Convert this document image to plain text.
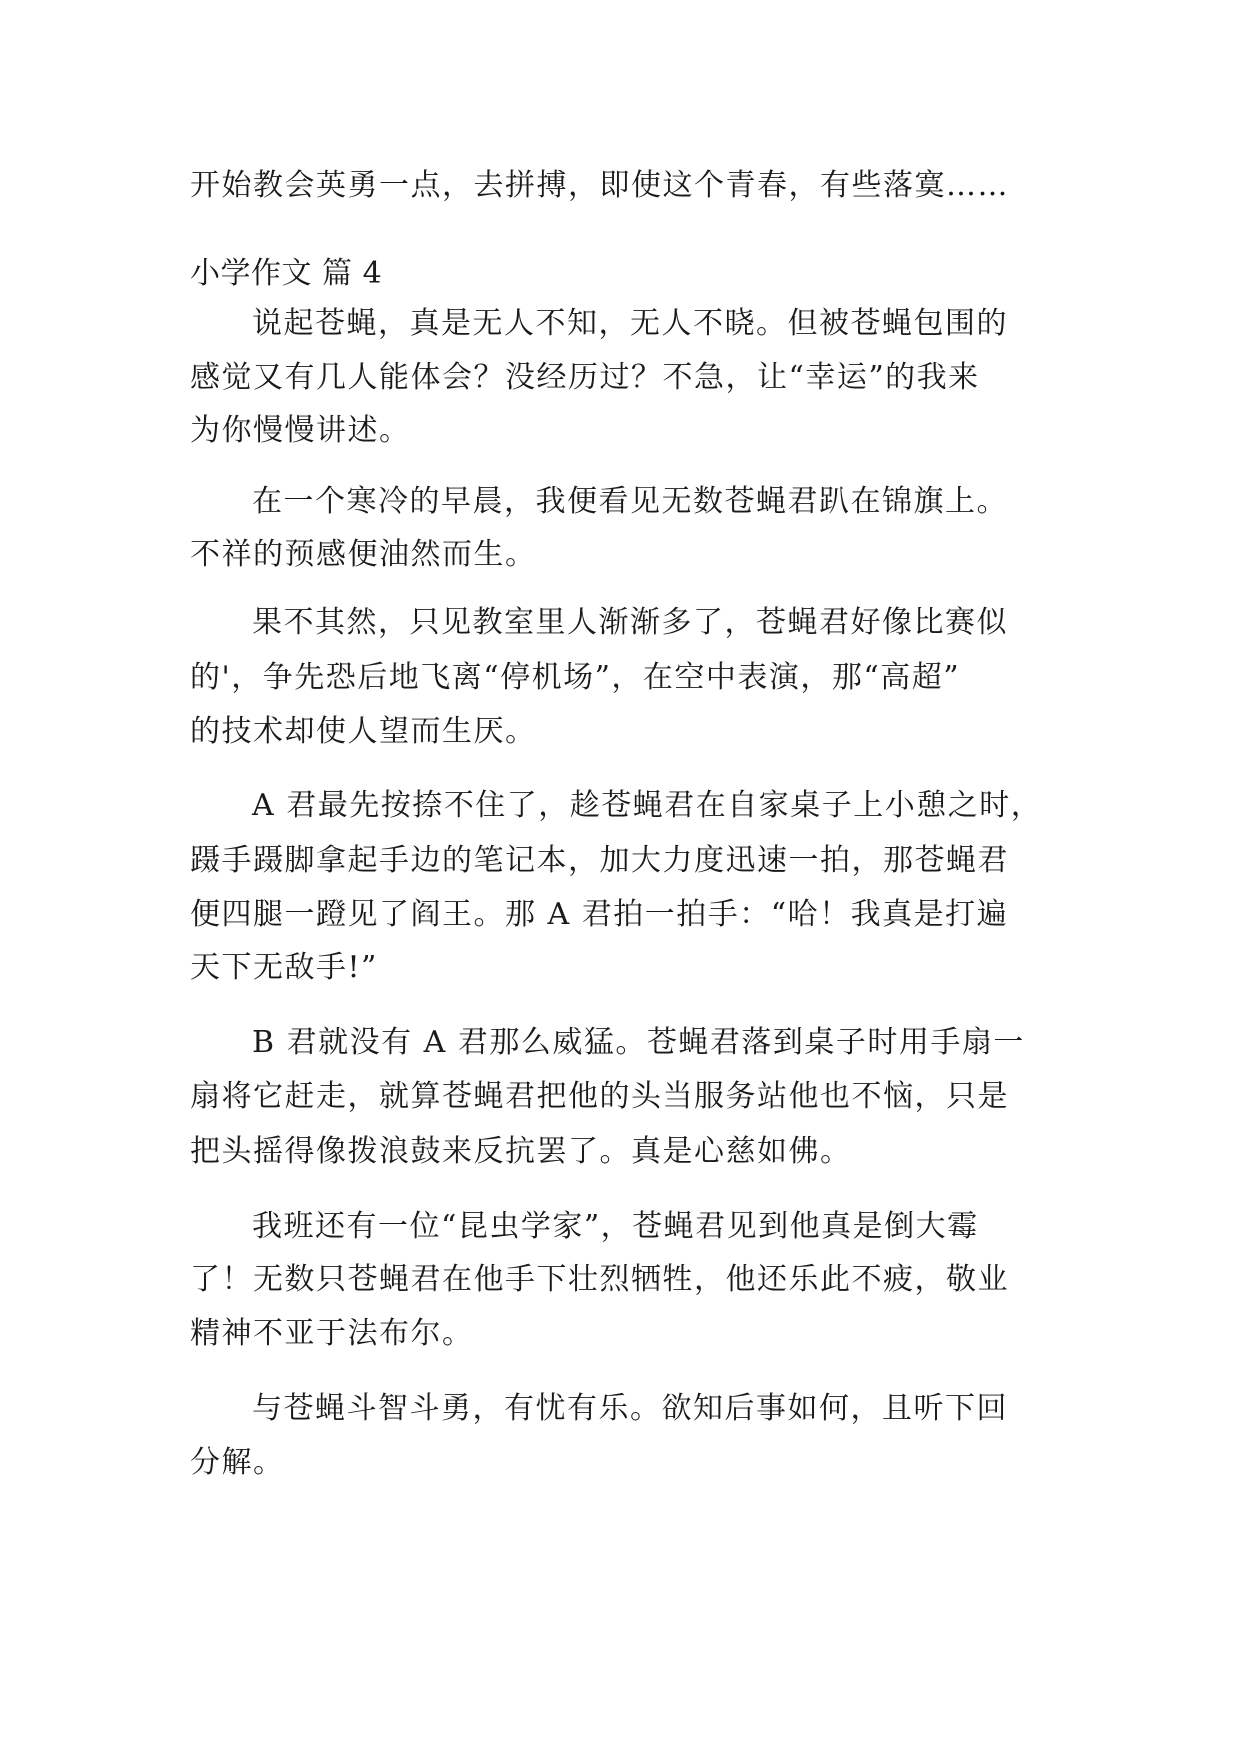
开始教会英勇一点，去拼搏，即使这个青春，有些落寞……
小学作文 篇 4
说起苍蝇，真是无人不知，无人不晓。但被苍蝇包围的
感觉又有几人能体会？没经历过？不急，让“幸运”的我来
为你慢慢讲述。
在一个寒冷的早晨，我便看见无数苍蝇君趴在锦旗上。
不祥的预感便油然而生。
果不其然，只见教室里人渐渐多了，苍蝇君好像比赛似
的'，争先恐后地飞离“停机场”，在空中表演，那“高超”
的技术却使人望而生厌。
A 君最先按捺不住了，趁苍蝇君在自家桌子上小憩之时，
蹑手蹑脚拿起手边的笔记本，加大力度迅速一拍，那苍蝇君
便四腿一蹬见了阎王。那 A 君拍一拍手：“哈！我真是打遍
天下无敌手!”
B 君就没有 A 君那么威猛。苍蝇君落到桌子时用手扇一
扇将它赶走，就算苍蝇君把他的头当服务站他也不恼，只是
把头摇得像拨浪鼓来反抗罢了。真是心慈如佛。
我班还有一位“昆虫学家”，苍蝇君见到他真是倒大霉
了！无数只苍蝇君在他手下壮烈牺牲，他还乐此不疲，敬业
精神不亚于法布尔。
与苍蝇斗智斗勇，有忧有乐。欲知后事如何，且听下回
分解。
